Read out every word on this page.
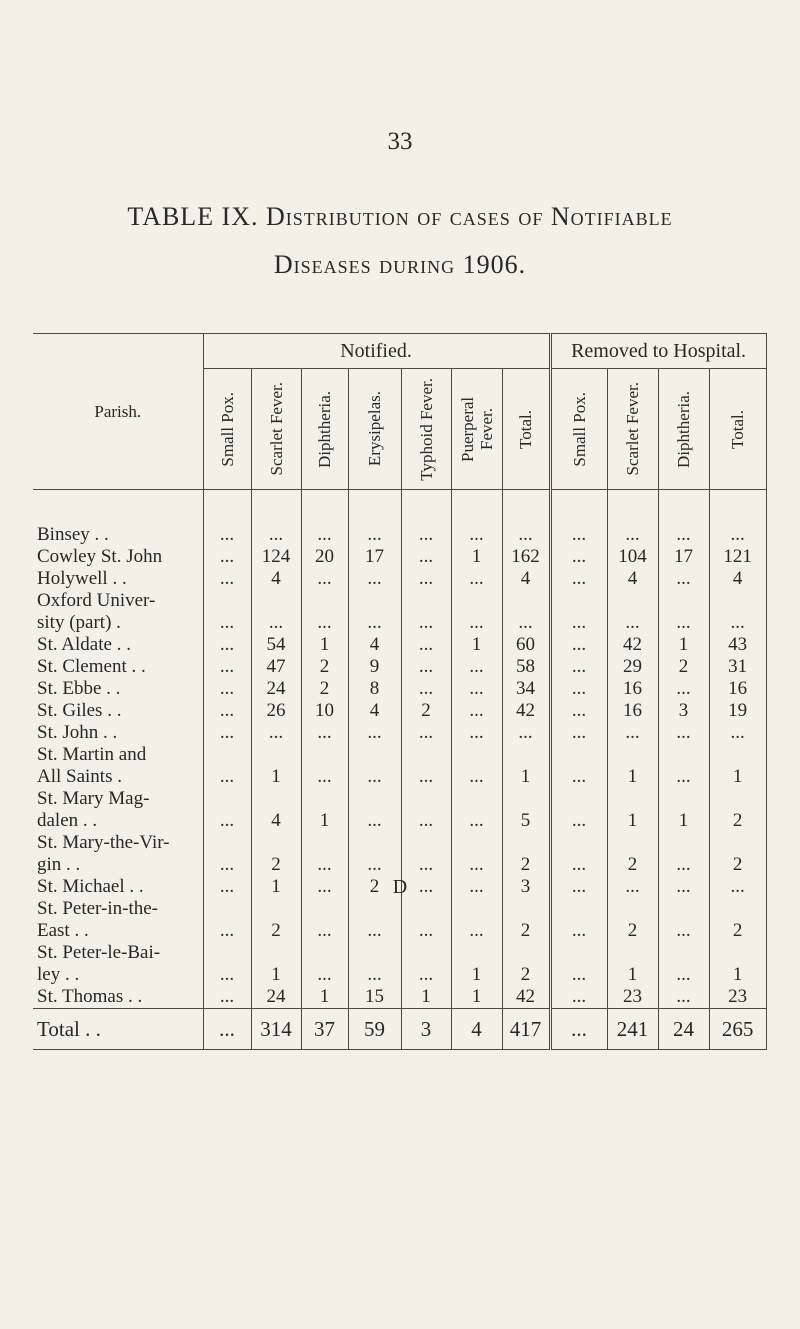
33
TABLE IX. Distribution of cases of Notifiable
Diseases during 1906.
Parish.	Notified.							Removed to Hospital.			

	Small Pox.	Scarlet Fever.	Diphtheria.	Erysipelas.	Typhoid Fever.	Puerperal Fever.	Total.	Small Pox.	Scarlet Fever.	Diphtheria.	Total.

Binsey . .	...	...	...	...	...	...	...	...	...	...	...
Cowley St. John	...	124	20	17	...	1	162	...	104	17	121
Holywell . .	...	4	...	...	...	...	4	...	4	...	4
Oxford Univer-											
sity (part) .	...	...	...	...	...	...	...	...	...	...	...
St. Aldate . .	...	54	1	4	...	1	60	...	42	1	43
St. Clement . .	...	47	2	9	...	...	58	...	29	2	31
St. Ebbe . .	...	24	2	8	...	...	34	...	16	...	16
St. Giles . .	...	26	10	4	2	...	42	...	16	3	19
St. John . .	...	...	...	...	...	...	...	...	...	...	...
St. Martin and											
All Saints .	...	1	...	...	...	...	1	...	1	...	1
St. Mary Mag-											
dalen . .	...	4	1	...	...	...	5	...	1	1	2
St. Mary-the-Vir-											
gin . .	...	2	...	...	...	...	2	...	2	...	2
St. Michael . .	...	1	...	2	...	...	3	...	...	...	...
St. Peter-in-the-											
East . .	...	2	...	...	...	...	2	...	2	...	2
St. Peter-le-Bai-											
ley . .	...	1	...	...	...	1	2	...	1	...	1
St. Thomas . .	...	24	1	15	1	1	42	...	23	...	23
Total . .	...	314	37	59	3	4	417	...	241	24	265
D
